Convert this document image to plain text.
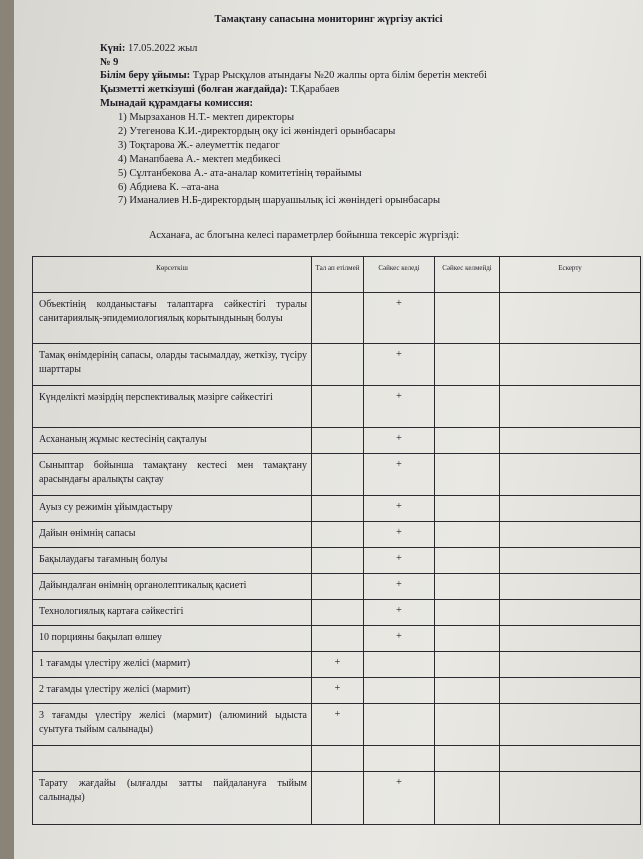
Тамақтану сапасына мониторинг жүргізу актісі
Күні: 17.05.2022 жыл
№ 9
Білім беру ұйымы: Тұрар Рысқұлов атындағы №20 жалпы орта білім беретін мектебі
Қызметті жеткізуші (болған жағдайда): Т.Қарабаев
Мынадай құрамдағы комиссия:
1) Мырзаханов Н.Т.- мектеп директоры
2) Утегенова К.И.-директордың оқу ісі жөніндегі орынбасары
3) Тоқтарова Ж.- әлеуметтік педагог
4) Манапбаева А.- мектеп медбикесі
5) Сұлтанбекова А.- ата-аналар комитетінің төрайымы
6) Абдиева К. –ата-ана
7) Иманалиев Н.Б-директордың шаруашылық ісі жөніндегі орынбасары
Асханаға, ас блогына келесі параметрлер бойынша тексеріс жүргізді:
Көрсеткіш	Тал ап етілмей	Сәйкес келеді	Сәйкес келмейді	Ескерту
Объектінің колданыстағы талаптарға сәйкестігі туралы санитариялық-эпидемиологиялық корытындының болуы		+		
Тамақ өнімдерінің сапасы, оларды тасымалдау, жеткізу, түсіру шарттары		+		
Күнделікті мәзірдің перспективалық мәзірге сәйкестігі		+		
Асхананың жұмыс кестесінің сақталуы		+		
Сыныптар бойынша тамақтану кестесі мен тамақтану арасындағы аралықты сақтау		+		
Ауыз су режимін ұйымдастыру		+		
Дайын өнімнің сапасы		+		
Бақылаудағы тағамның болуы		+		
Дайындалған өнімнің органолептикалық қасиеті		+		
Технологиялық картаға сәйкестігі		+		
10 порцияны бақылап өлшеу		+		
1 тағамды үлестіру желісі (мармит)	+			
2 тағамды үлестіру желісі (мармит)	+			
3 тағамды үлестіру желісі (мармит) (алюминий ыдыста суытуға тыйым салынады)	+			

Тарату жағдайы (ылғалды затты пайдалануға тыйым салынады)		+		
